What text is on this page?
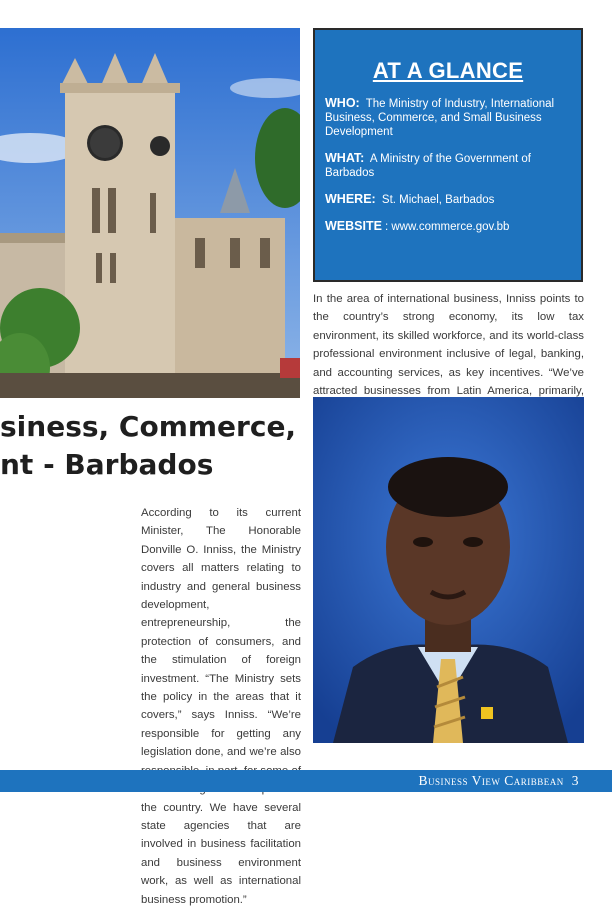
AT A GLANCE

WHO: The Ministry of Industry, International Business, Commerce, and Small Business Development

WHAT: A Ministry of the Government of Barbados

WHERE: St. Michael, Barbados

WEBSITE : www.commerce.gov.bb

In the area of international business, Inniss points to the country’s strong economy, its low tax environment, its skilled workforce, and its world-class professional environment inclusive of legal, banking, and accounting services, as key incentives. “We’ve attracted businesses from Latin America, primarily,
siness, Commerce,
nt - Barbados
According to its current Minister, The Honorable Donville O. Inniss, the Ministry covers all matters relating to industry and general business development, entrepreneurship, the protection of consumers, and the stimulation of foreign investment. “The Ministry sets the policy in the areas that it covers,” says Inniss. “We’re responsible for getting any legislation done, and we’re also the country. We have several state agencies that are involved in business facilitation and business environment work, as well as international business promotion.”
Business View Caribbean 3
